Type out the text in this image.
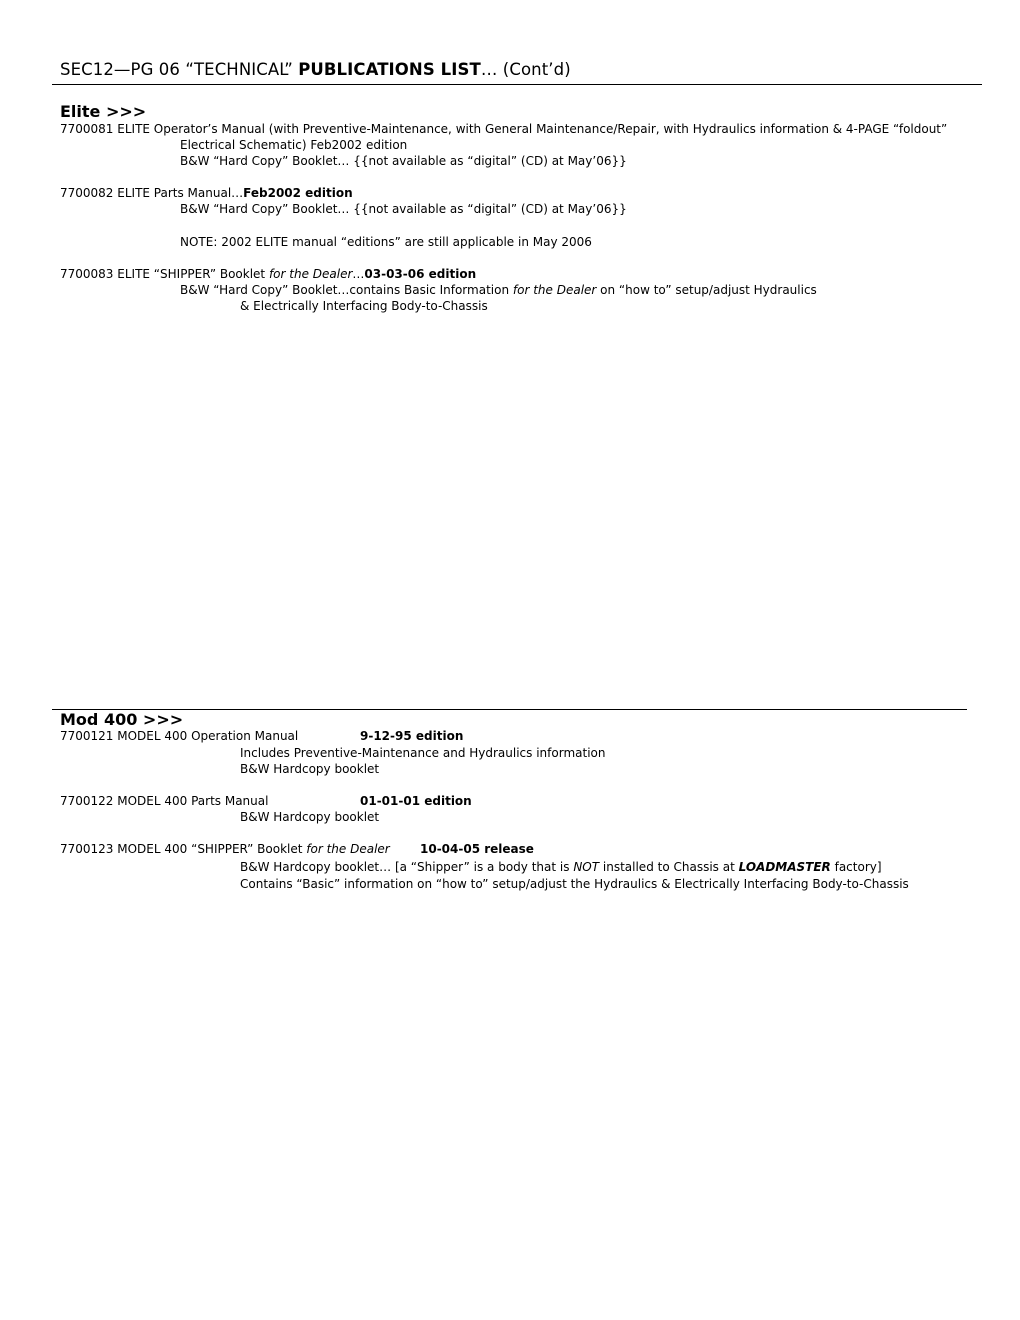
SEC12—PG 06 “TECHNICAL” PUBLICATIONS LIST… (Cont’d)
Elite >>>
7700081 ELITE Operator’s Manual (with Preventive-Maintenance, with General Maintenance/Repair, with Hydraulics information & 4-PAGE “foldout”
Electrical Schematic) Feb2002 edition
B&W “Hard Copy” Booklet… {{not available as “digital” (CD) at May’06}}
7700082 ELITE Parts Manual…Feb2002 edition
B&W “Hard Copy” Booklet… {{not available as “digital” (CD) at May’06}}
NOTE: 2002 ELITE manual “editions” are still applicable in May 2006
7700083 ELITE “SHIPPER” Booklet for the Dealer…03-03-06 edition
B&W “Hard Copy” Booklet…contains Basic Information for the Dealer on “how to” setup/adjust Hydraulics
& Electrically Interfacing Body-to-Chassis
Mod 400 >>>
7700121 MODEL 400 Operation Manual	9-12-95 edition
Includes Preventive-Maintenance and Hydraulics information
B&W Hardcopy booklet
7700122 MODEL 400 Parts Manual	01-01-01 edition
B&W Hardcopy booklet
7700123 MODEL 400 “SHIPPER” Booklet for the Dealer	10-04-05 release
B&W Hardcopy booklet… [a “Shipper” is a body that is NOT installed to Chassis at LOADMASTER factory]
Contains “Basic” information on “how to” setup/adjust the Hydraulics & Electrically Interfacing Body-to-Chassis
